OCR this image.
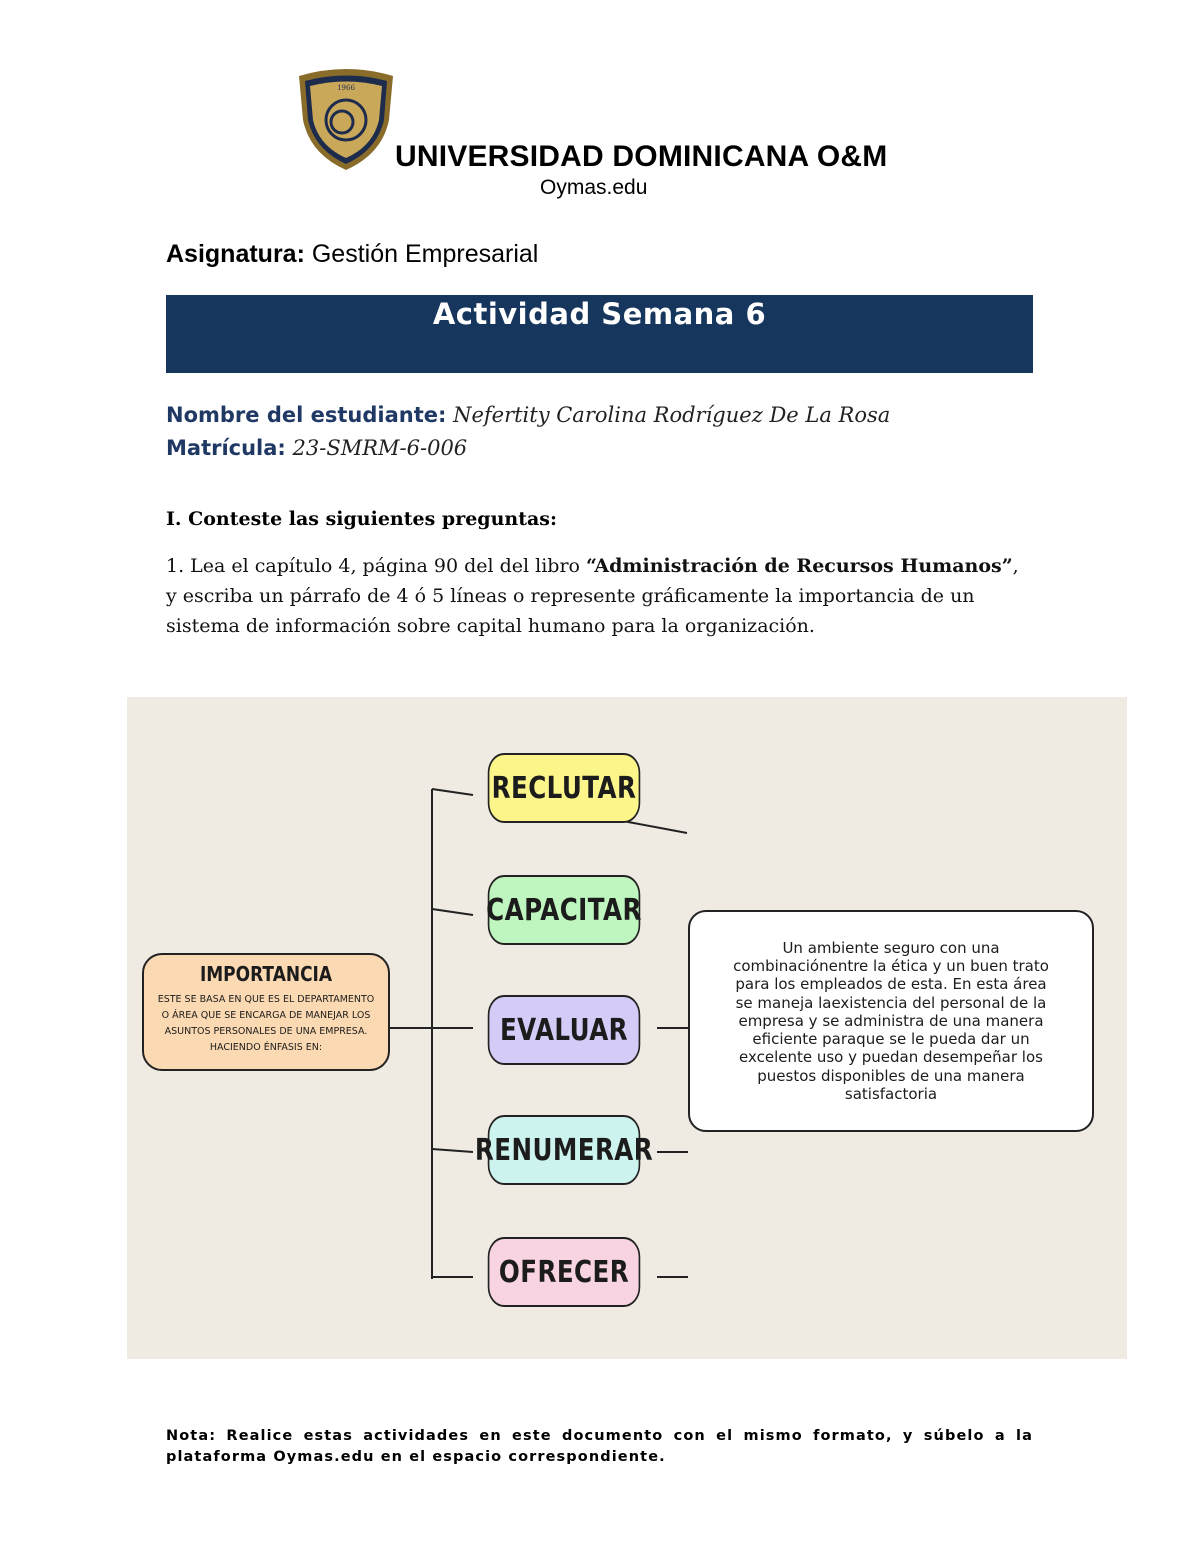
1966
UNIVERSIDAD DOMINICANA O&M
Oymas.edu
Asignatura: Gestión Empresarial
Actividad Semana 6
Nombre del estudiante: Nefertity Carolina Rodríguez De La Rosa
Matrícula: 23-SMRM-6-006
I. Conteste las siguientes preguntas:
1. Lea el capítulo 4, página 90 del del libro “Administración de Recursos Humanos”, y escriba un párrafo de 4 ó 5 líneas o represente gráficamente la importancia de un sistema de información sobre capital humano para la organización.
IMPORTANCIA
ESTE SE BASA EN QUE ES EL DEPARTAMENTO O ÁREA QUE SE ENCARGA DE MANEJAR LOS ASUNTOS PERSONALES DE UNA EMPRESA. HACIENDO ÉNFASIS EN:
RECLUTAR
CAPACITAR
EVALUAR
RENUMERAR
OFRECER
Un ambiente seguro con una combinaciónentre la ética y un buen trato para los empleados de esta. En esta área se maneja laexistencia del personal de la empresa y se administra de una manera eficiente paraque se le pueda dar un excelente uso y puedan desempeñar los puestos disponibles de una manera satisfactoria
Nota: Realice estas actividades en este documento con el mismo formato, y súbelo a la plataforma Oymas.edu en el espacio correspondiente.
